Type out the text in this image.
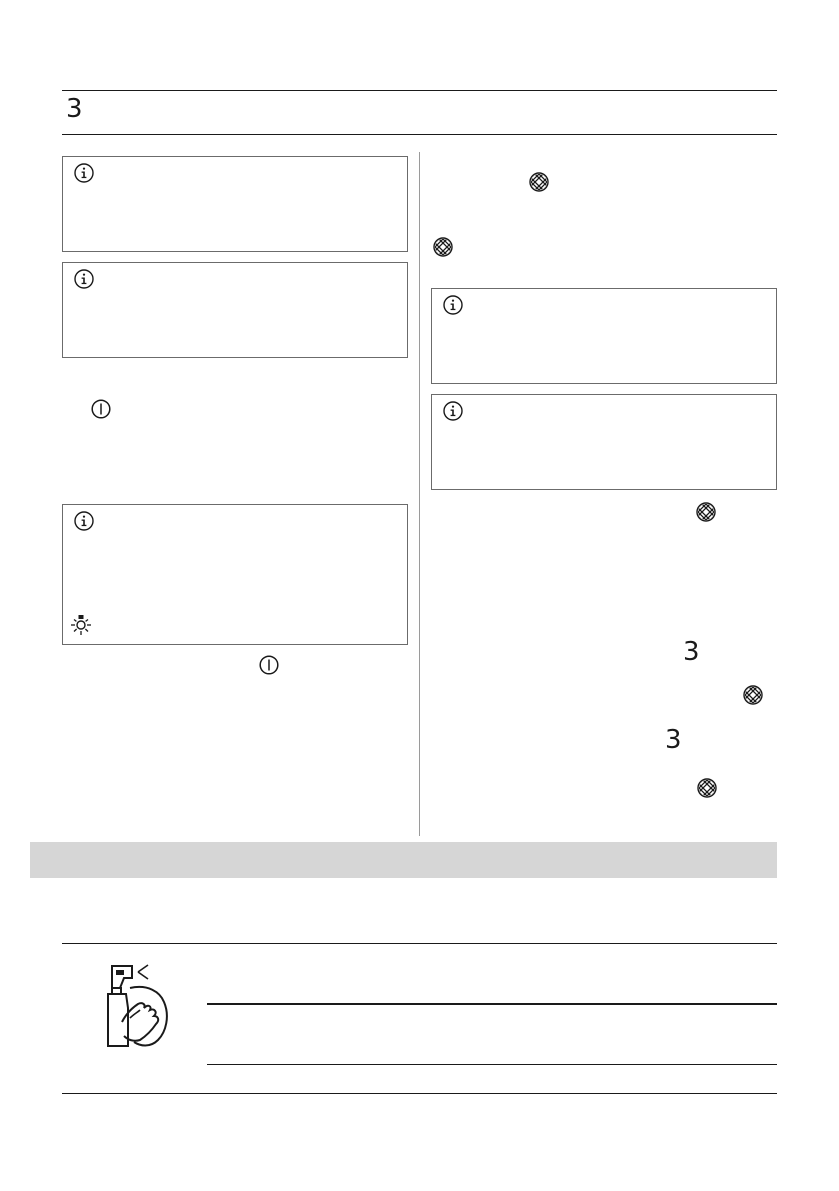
3
3
3
